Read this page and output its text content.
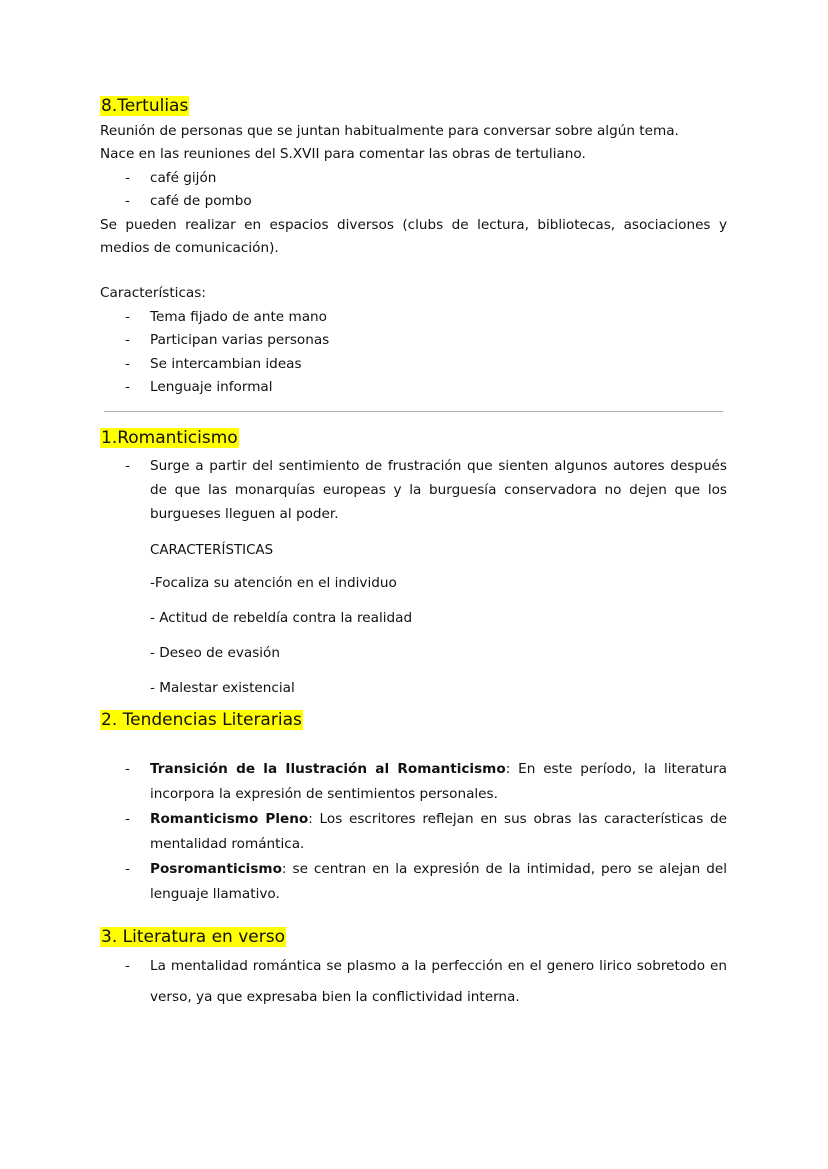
8.Tertulias

Reunión de personas que se juntan habitualmente para conversar sobre algún tema.

Nace en las reuniones del S.XVII para comentar las obras de tertuliano.

- café gijón
- café de pombo

Se pueden realizar en espacios diversos (clubs de lectura, bibliotecas, asociaciones y medios de comunicación).

Características:

- Tema fijado de ante mano
- Participan varias personas
- Se intercambian ideas
- Lenguaje informal
1.Romanticismo
- Surge a partir del sentimiento de frustración que sienten algunos autores después de que las monarquías europeas y la burguesía conservadora no dejen que los burgueses lleguen al poder.

CARACTERÍSTICAS

-Focaliza su atención en el individuo

- Actitud de rebeldía contra la realidad

- Deseo de evasión

- Malestar existencial

2. Tendencias Literarias
- Transición de la Ilustración al Romanticismo: En este período, la literatura incorpora la expresión de sentimientos personales.
- Romanticismo Pleno: Los escritores reflejan en sus obras las características de mentalidad romántica.
- Posromanticismo: se centran en la expresión de la intimidad, pero se alejan del lenguaje llamativo.
3. Literatura en verso
- La mentalidad romántica se plasmo a la perfección en el genero lirico sobretodo en verso, ya que expresaba bien la conflictividad interna.
